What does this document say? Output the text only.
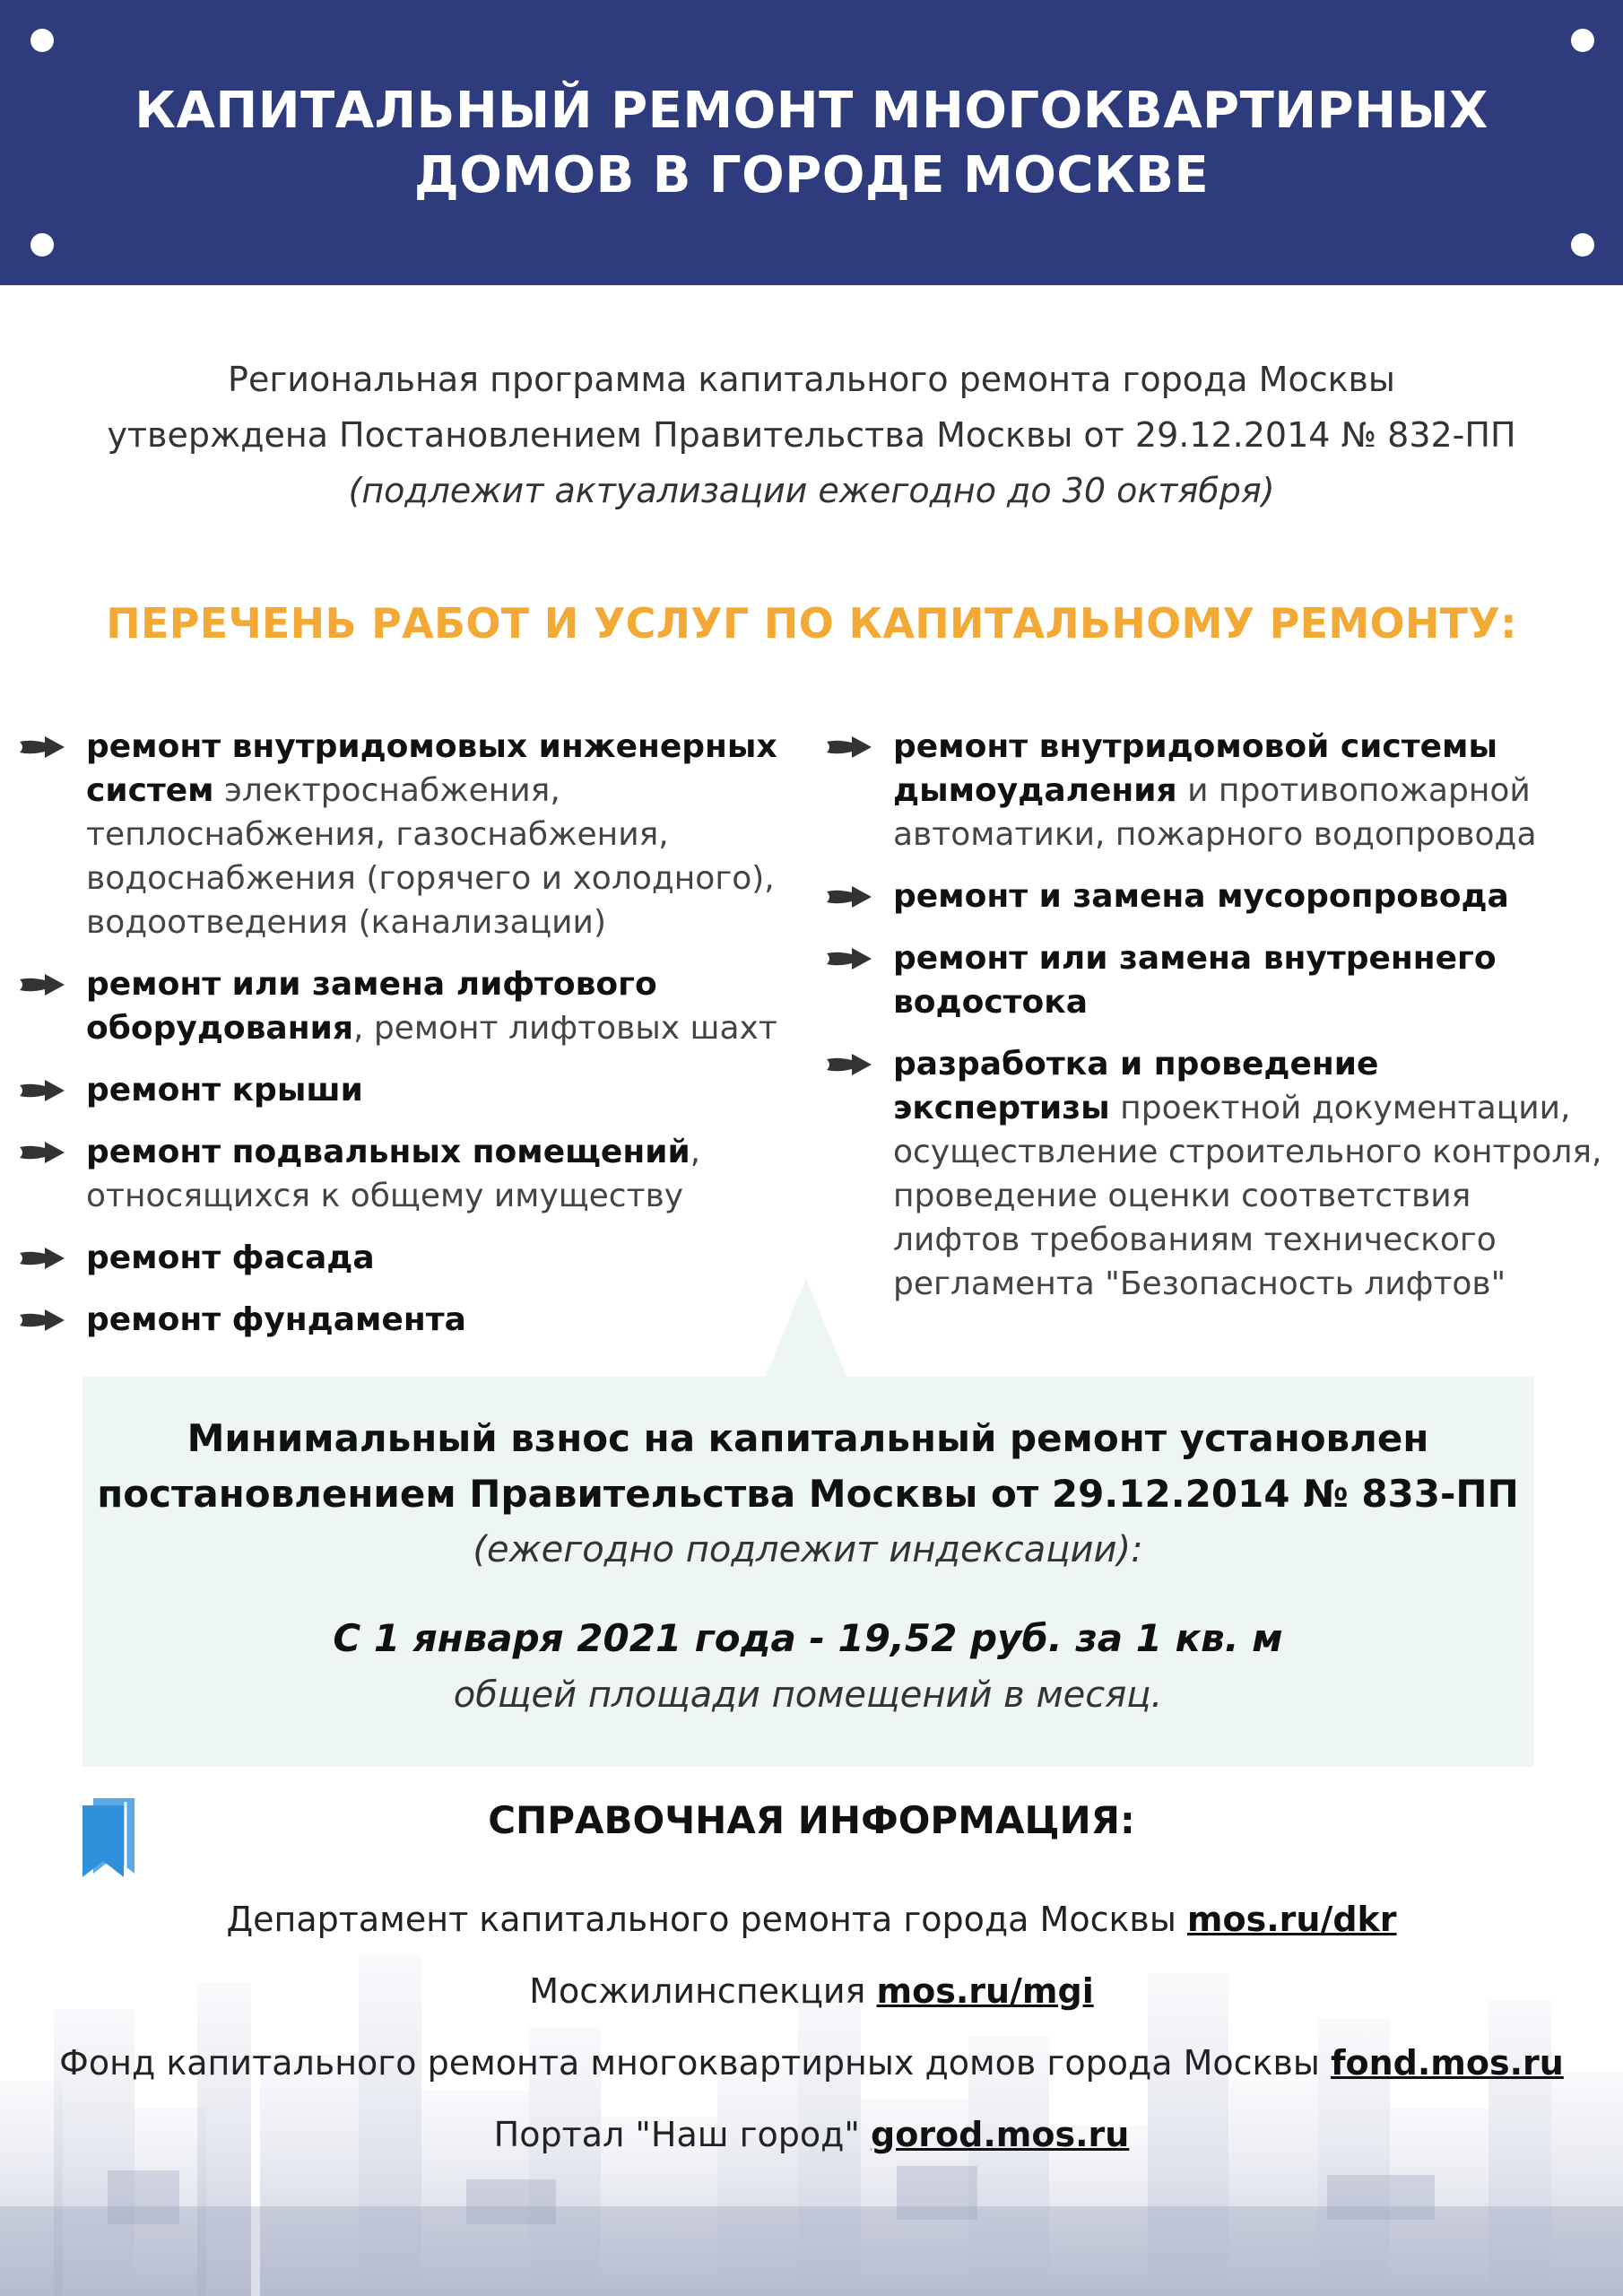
КАПИТАЛЬНЫЙ РЕМОНТ МНОГОКВАРТИРНЫХ
ДОМОВ В ГОРОДЕ МОСКВЕ
Региональная программа капитального ремонта города Москвы
утверждена Постановлением Правительства Москвы от 29.12.2014 № 832-ПП
(подлежит актуализации ежегодно до 30 октября)
ПЕРЕЧЕНЬ РАБОТ И УСЛУГ ПО КАПИТАЛЬНОМУ РЕМОНТУ:
ремонт внутридомовых инженерных систем электроснабжения, теплоснабжения, газоснабжения, водоснабжения (горячего и холодного), водоотведения (канализации)
ремонт или замена лифтового оборудования, ремонт лифтовых шахт
ремонт крыши
ремонт подвальных помещений, относящихся к общему имуществу
ремонт фасада
ремонт фундамента
ремонт внутридомовой системы дымоудаления и противопожарной автоматики, пожарного водопровода
ремонт и замена мусоропровода
ремонт или замена внутреннего водостока
разработка и проведение экспертизы проектной документации, осуществление строительного контроля, проведение оценки соответствия лифтов требованиям технического регламента "Безопасность лифтов"
Минимальный взнос на капитальный ремонт установлен
постановлением Правительства Москвы от 29.12.2014 № 833-ПП
(ежегодно подлежит индексации):
С 1 января 2021 года - 19,52 руб. за 1 кв. м
общей площади помещений в месяц.
СПРАВОЧНАЯ ИНФОРМАЦИЯ:
Департамент капитального ремонта города Москвы mos.ru/dkr
Мосжилинспекция mos.ru/mgi
Фонд капитального ремонта многоквартирных домов города Москвы fond.mos.ru
Портал "Наш город" gorod.mos.ru
